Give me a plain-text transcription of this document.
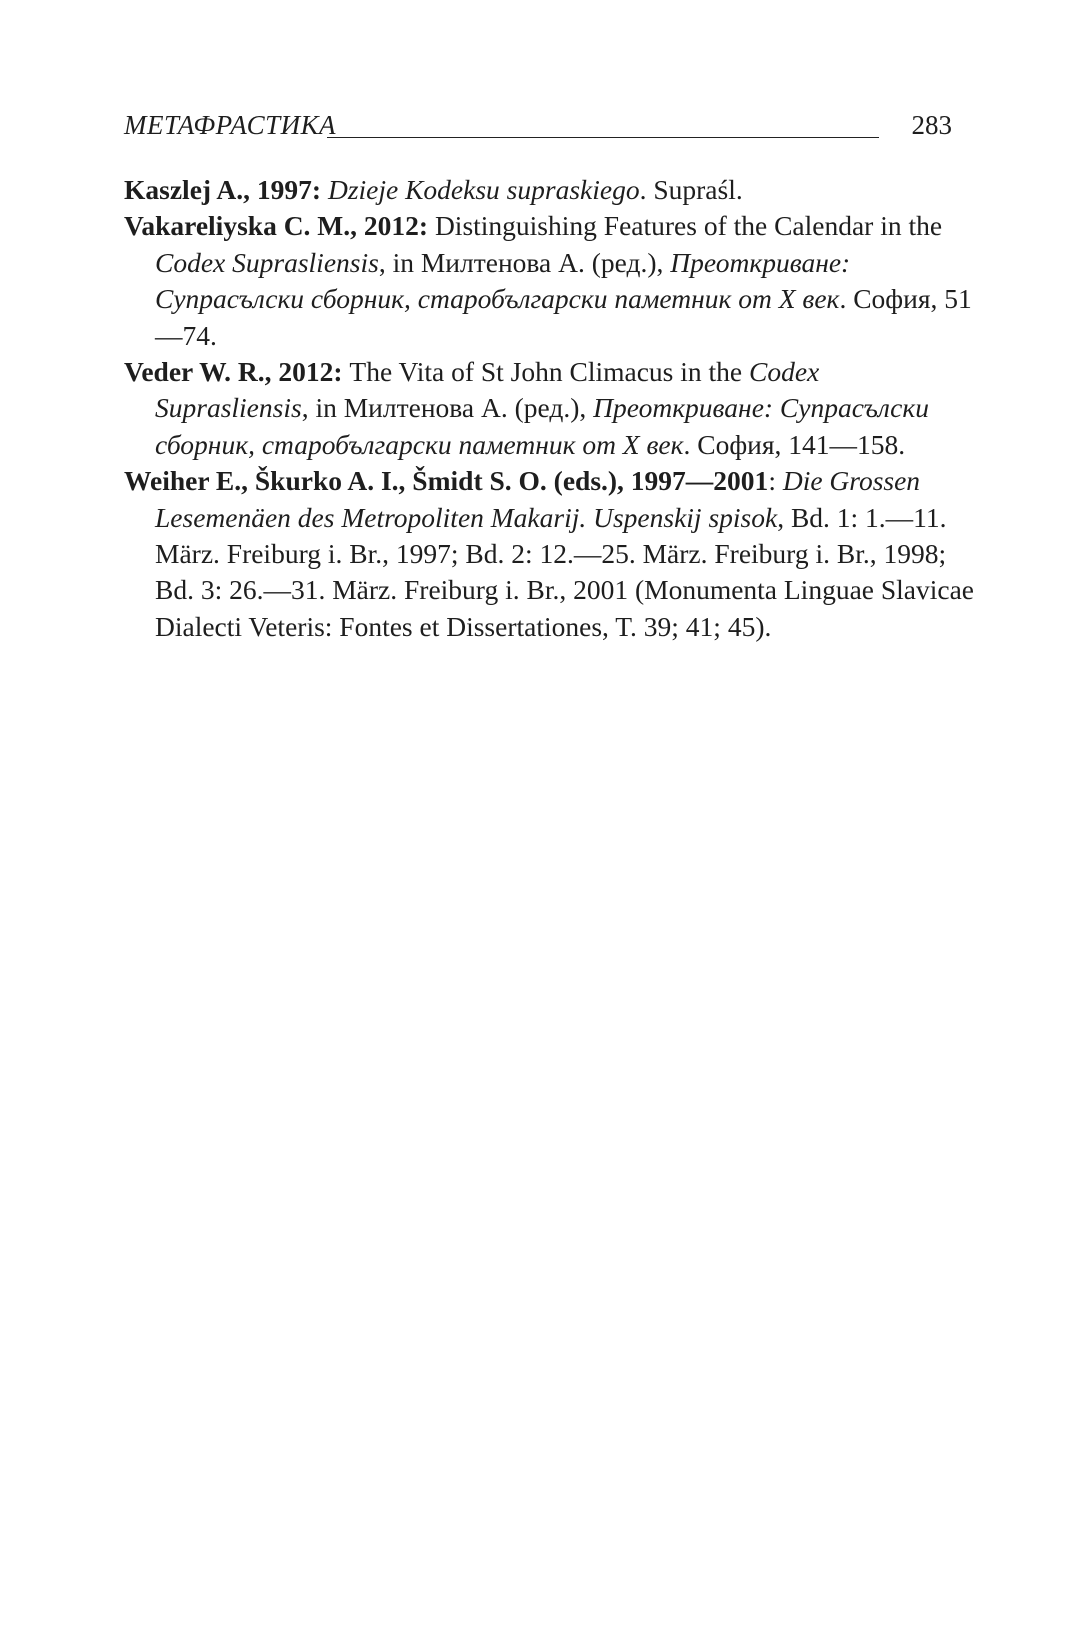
МЕТАФРАСТИКА	283

Kaszlej A., 1997: Dzieje Kodeksu supraskiego. Supraśl.

Vakareliyska C. M., 2012: Distinguishing Features of the Calendar in the Codex Suprasliensis, in Милтенова А. (ред.), Преоткриване: Супрасълски сборник, старобългарски паметник от X век. София, 51—74.

Veder W. R., 2012: The Vita of St John Climacus in the Codex Suprasliensis, in Милтенова А. (ред.), Преоткриване: Супрасълски сборник, старобългарски паметник от X век. София, 141—158.

Weiher E., Škurko A. I., Šmidt S. O. (eds.), 1997—2001: Die Grossen Lesemenäen des Metropoliten Makarij. Uspenskij spisok, Bd. 1: 1.—11. März. Freiburg i. Br., 1997; Bd. 2: 12.—25. März. Freiburg i. Br., 1998; Bd. 3: 26.—31. März. Freiburg i. Br., 2001 (Monumenta Linguae Slavicae Dialecti Veteris: Fontes et Dissertationes, T. 39; 41; 45).
